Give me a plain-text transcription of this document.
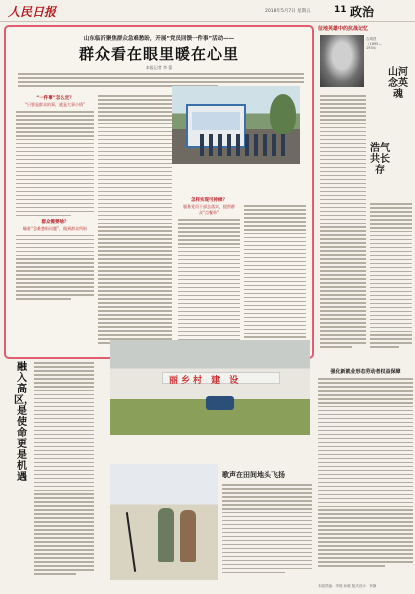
人民日报	2018年5月7日 星期五	11 政治
山东临沂聚焦群众急难愁盼，开展“党员回馈一件事”活动——
群众看在眼里暖在心里
本报记者 李 蕾
“一件事”怎么定？
“只要是群众的事，就是大事小情”
群众需要啥？
瞄准“急难愁盼问题”，做到群众所盼
怎样实现可持续？
服务党员干部去落实，提供群众“点餐单”
征地英雄中的抗战记忆
吉鸿昌（1895—1934）
山河念英魂
浩气共长存
融入高区，是使命更是机遇
丽乡村 建 设
歌声在田间地头飞扬
强化新就业形态劳动者权益保障
本版责编：李晨 孙晓 版式设计：李静
